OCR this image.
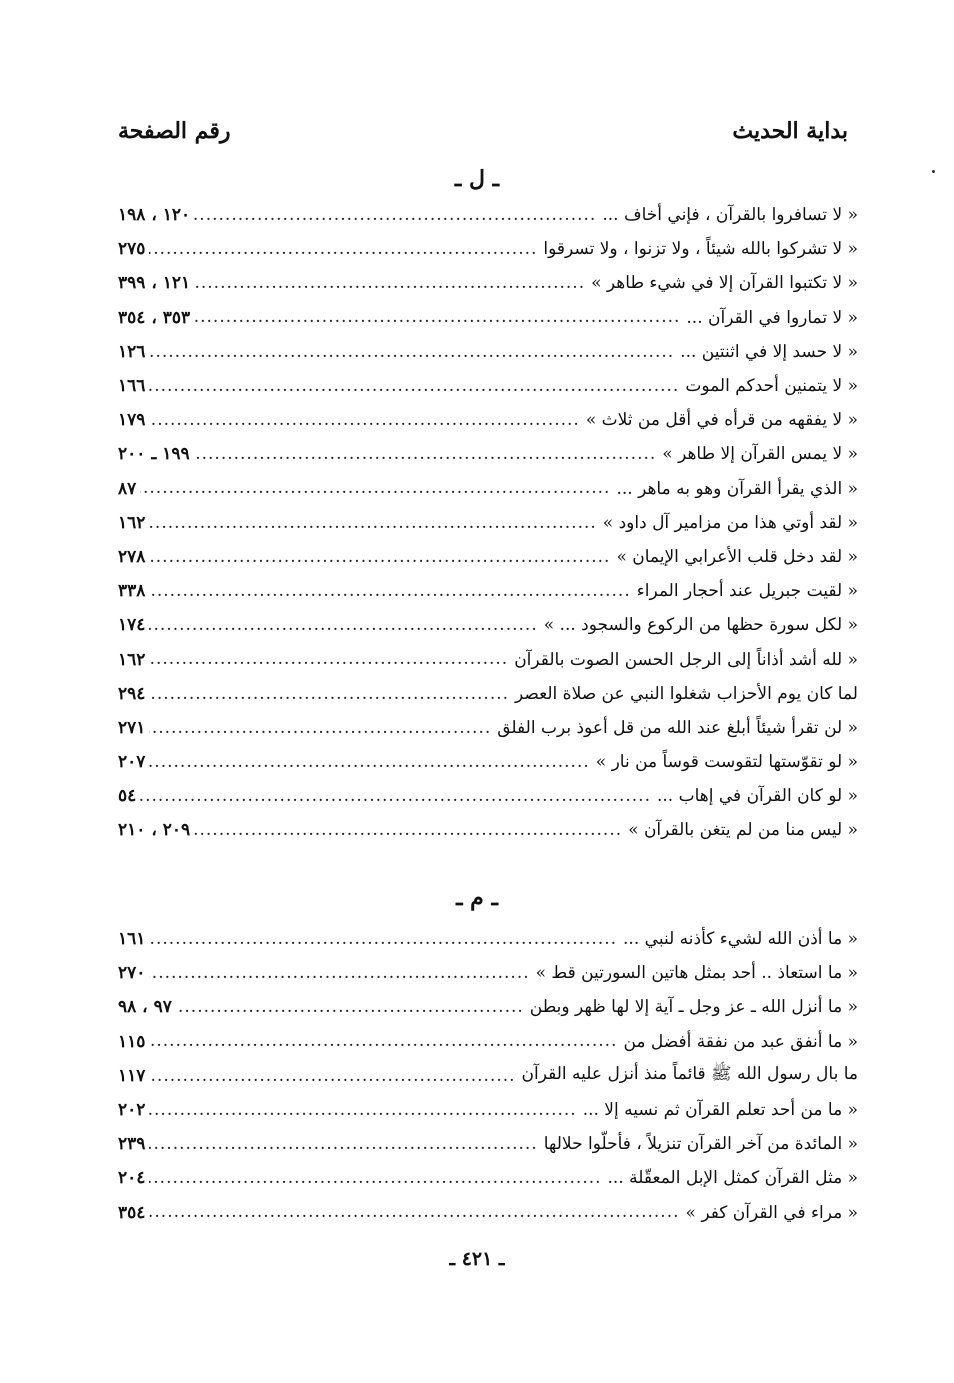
بداية الحديث
رقم الصفحة
ـ ل ـ
« لا تسافروا بالقرآن ، فإني أخاف ...
.....
١٢٠ ، ١٩٨
« لا تشركوا بالله شيئاً ، ولا تزنوا ، ولا تسرقوا
.....
٢٧٥
« لا تكتبوا القرآن إلا في شيء طاهر »
.....
١٢١ ، ٣٩٩
« لا تماروا في القرآن ...
.....
٣٥٣ ، ٣٥٤
« لا حسد إلا في اثنتين ...
.....
١٢٦
« لا يتمنين أحدكم الموت
.....
١٦٦
« لا يفقهه من قرأه في أقل من ثلاث »
.....
١٧٩
« لا يمس القرآن إلا طاهر »
.....
١٩٩ ـ ٢٠٠
« الذي يقرأ القرآن وهو به ماهر ...
.....
٨٧
« لقد أوتي هذا من مزامير آل داود »
.....
١٦٢
« لقد دخل قلب الأعرابي الإيمان »
.....
٢٧٨
« لقيت جبريل عند أحجار المراء
.....
٣٣٨
« لكل سورة حظها من الركوع والسجود ... »
.....
١٧٤
« لله أشد أذاناً إلى الرجل الحسن الصوت بالقرآن
.....
١٦٢
لما كان يوم الأحزاب شغلوا النبي عن صلاة العصر
.....
٢٩٤
« لن تقرأ شيئاً أبلغ عند الله من قل أعوذ برب الفلق
.....
٢٧١
« لو تقوّستها لتقوست قوساً من نار »
.....
٢٠٧
« لو كان القرآن في إهاب ...
.....
٥٤
« ليس منا من لم يتغن بالقرآن »
.....
٢٠٩ ، ٢١٠
ـ م ـ
« ما أذن الله لشيء كأذنه لنبي ...
.....
١٦١
« ما استعاذ .. أحد بمثل هاتين السورتين قط »
.....
٢٧٠
« ما أنزل الله ـ عز وجل ـ آية إلا لها ظهر وبطن
.....
٩٧ ، ٩٨
« ما أنفق عبد من نفقة أفضل من
.....
١١٥
ما بال رسول الله ﷺ قائماً منذ أنزل عليه القرآن
.....
١١٧
« ما من أحد تعلم القرآن ثم نسيه إلا ...
.....
٢٠٢
« المائدة من آخر القرآن تنزيلاً ، فأحلّوا حلالها
.....
٢٣٩
« مثل القرآن كمثل الإبل المعقّلة ...
.....
٢٠٤
« مراء في القرآن كفر »
.....
٣٥٤
ـ ٤٢١ ـ
